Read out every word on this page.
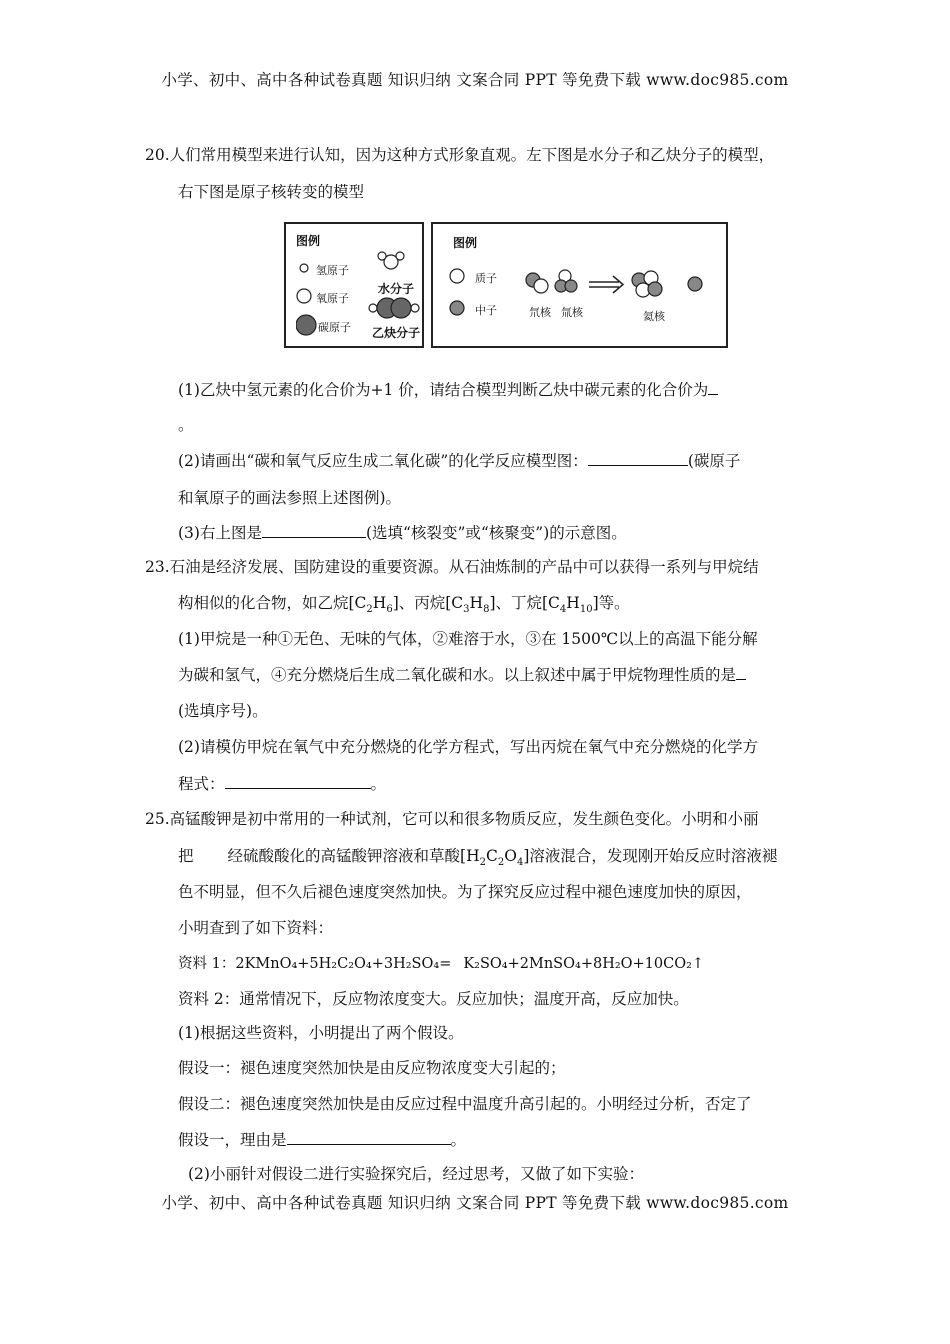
小学、初中、高中各种试卷真题 知识归纳 文案合同 PPT 等免费下载 www.doc985.com
20.人们常用模型来进行认知，因为这种方式形象直观。左下图是水分子和乙炔分子的模型，
右下图是原子核转变的模型
图例
氢原子
氧原子
碳原子
水分子
乙炔分子
图例
质子
中子	氘核 氚核	氦核
(1)乙炔中氢元素的化合价为+1 价，请结合模型判断乙炔中碳元素的化合价为
。
(2)请画出“碳和氧气反应生成二氧化碳”的化学反应模型图：	(碳原子
和氧原子的画法参照上述图例)。
(3)右上图是	(选填“核裂变”或“核聚变”)的示意图。
23.石油是经济发展、国防建设的重要资源。从石油炼制的产品中可以获得一系列与甲烷结
构相似的化合物，如乙烷$[C_2H_6]$、丙烷$[C_3H_8]$、丁烷$[C_4H_{10}]$等。
(1)甲烷是一种①无色、无味的气体，②难溶于水，③在 1500℃以上的高温下能分解
为碳和氢气，④充分燃烧后生成二氧化碳和水。以上叙述中属于甲烷物理性质的是
(选填序号)。
(2)请模仿甲烷在氧气中充分燃烧的化学方程式，写出丙烷在氧气中充分燃烧的化学方
程式：	。
25.高锰酸钾是初中常用的一种试剂，它可以和很多物质反应，发生颜色变化。小明和小丽
把 经硫酸酸化的高锰酸钾溶液和草酸$[H_2C_2O_4]$溶液混合，发现刚开始反应时溶液褪
色不明显，但不久后褪色速度突然加快。为了探究反应过程中褪色速度加快的原因，
小明查到了如下资料：
资料 1：2KMnO₄+5H₂C₂O₄+3H₂SO₄= K₂SO₄+2MnSO₄+8H₂O+10CO₂↑
资料 2：通常情况下，反应物浓度变大。反应加快；温度开高，反应加快。
(1)根据这些资料，小明提出了两个假设。
假设一：褪色速度突然加快是由反应物浓度变大引起的；
假设二：褪色速度突然加快是由反应过程中温度升高引起的。小明经过分析，否定了
假设一，理由是	。
(2)小丽针对假设二进行实验探究后，经过思考，又做了如下实验：
小学、初中、高中各种试卷真题 知识归纳 文案合同 PPT 等免费下载 www.doc985.com
